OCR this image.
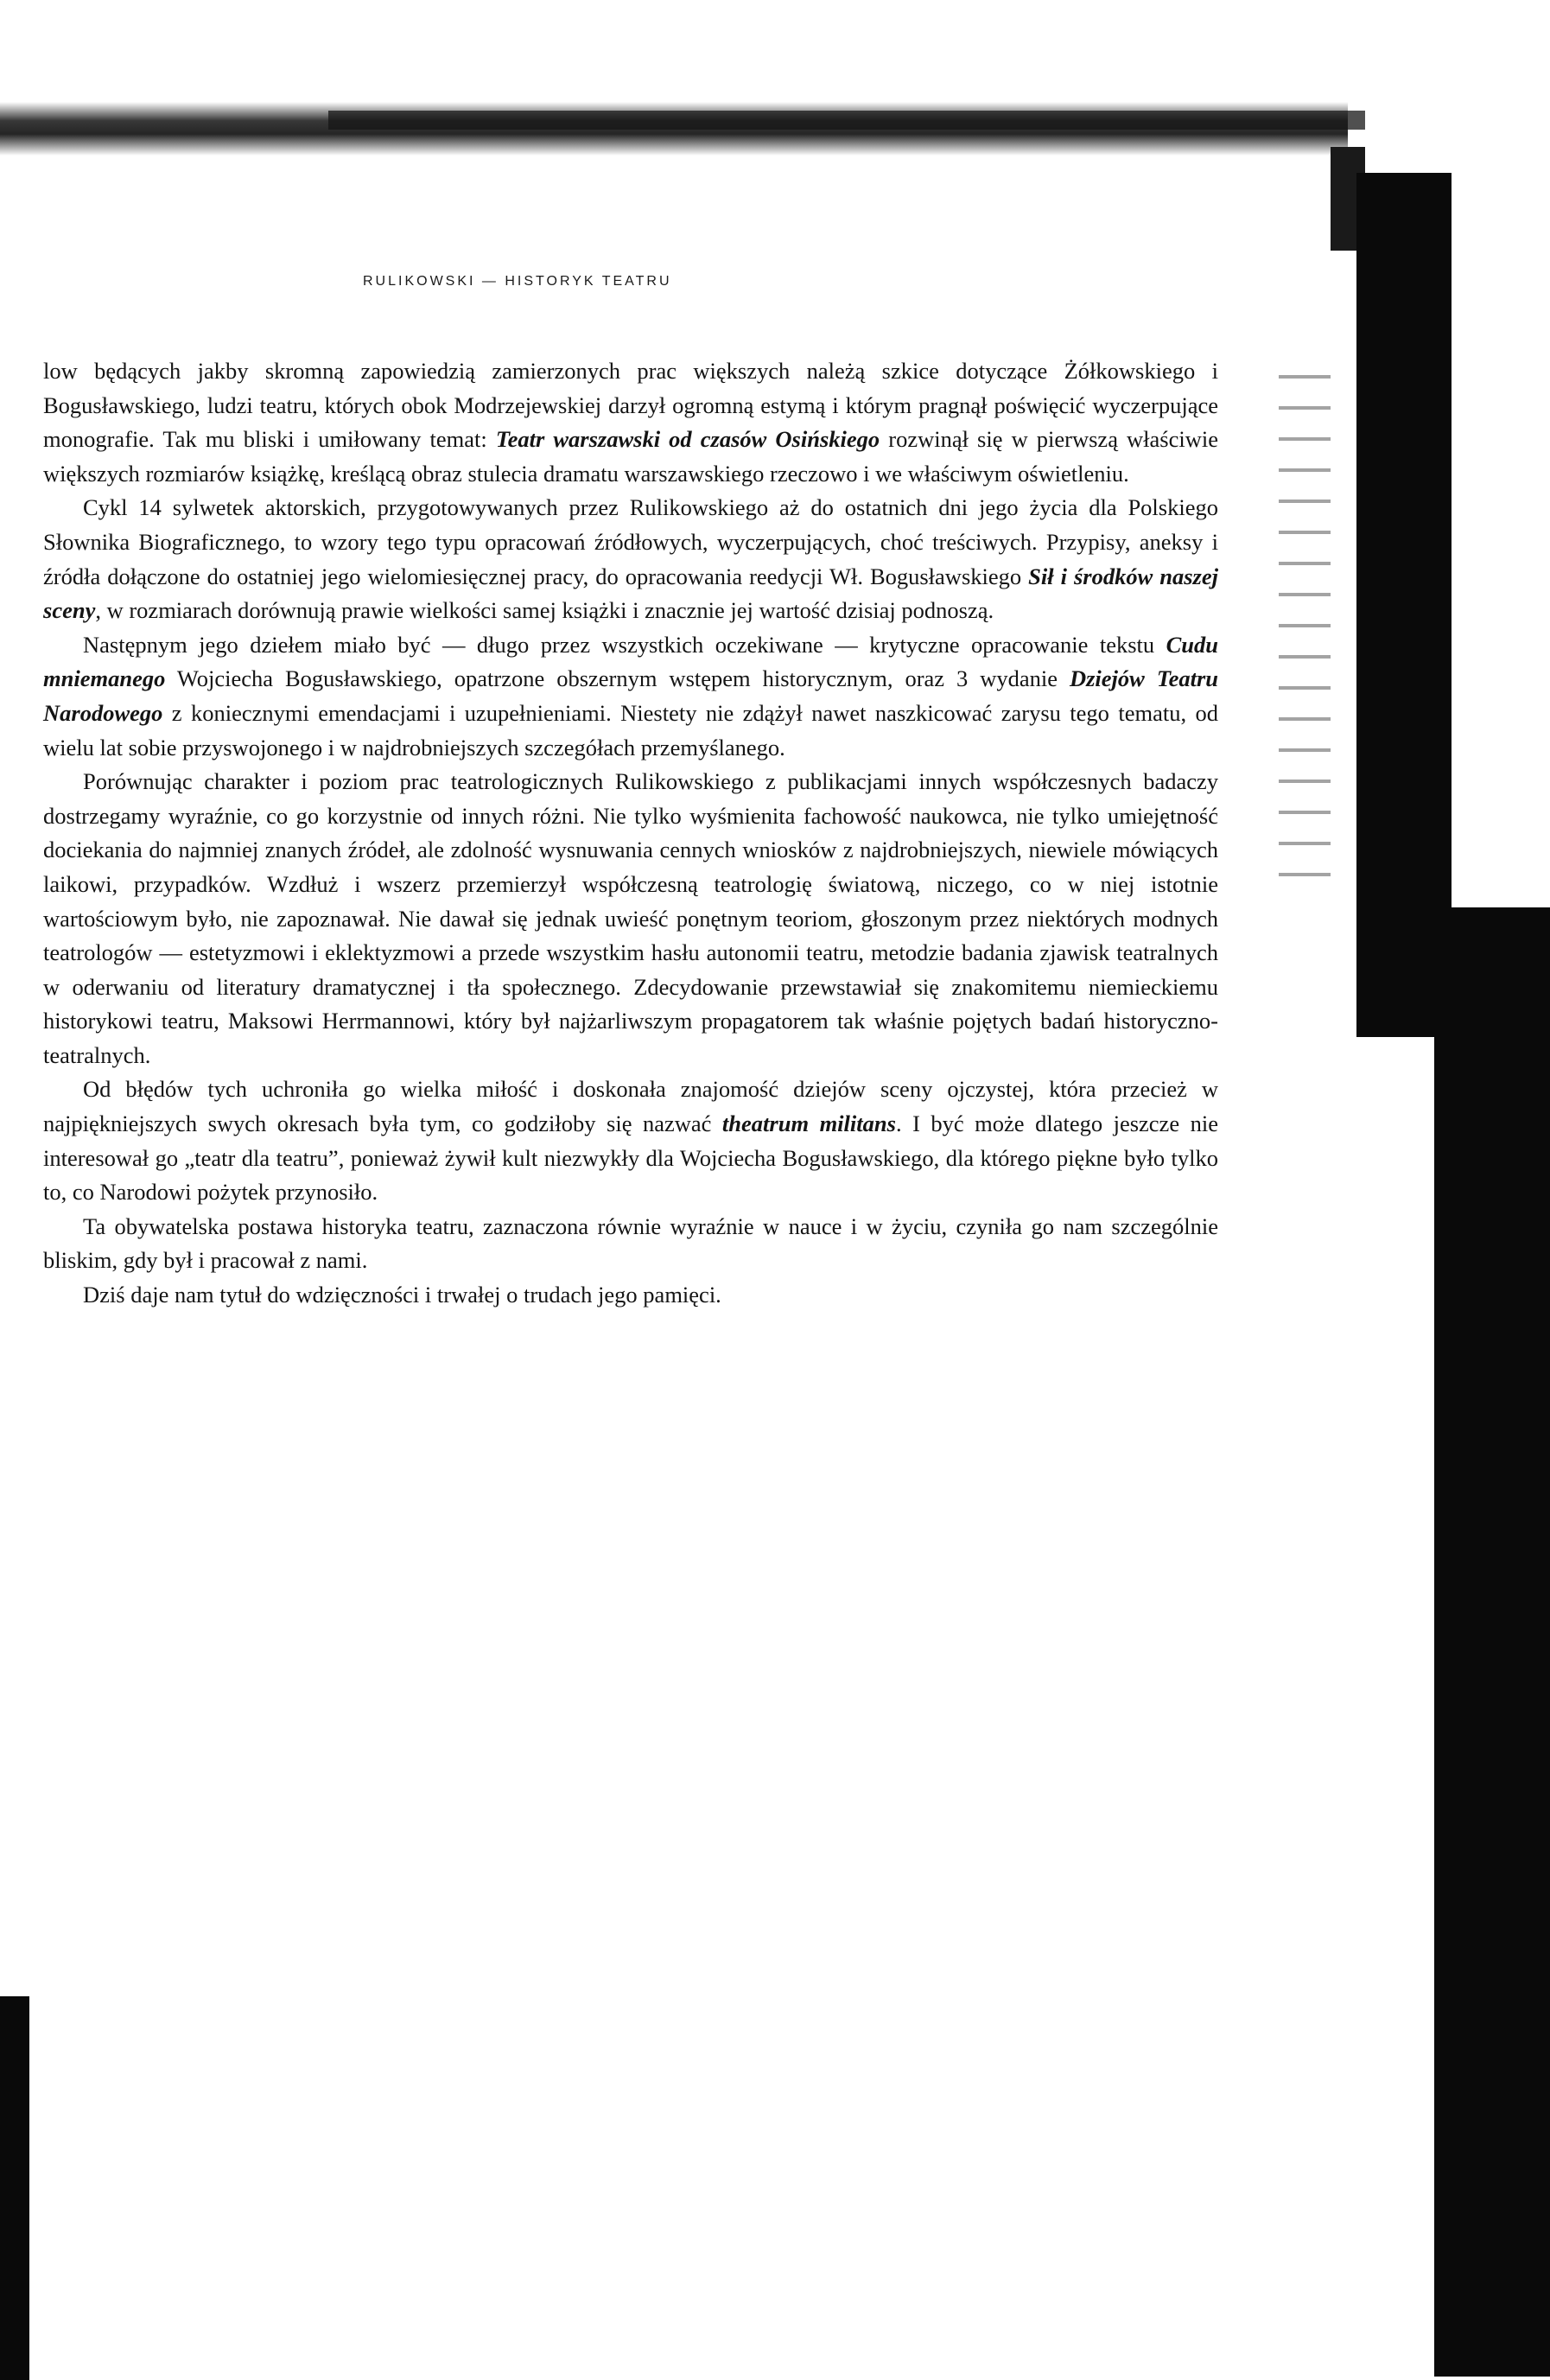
RULIKOWSKI — HISTORYK TEATRU

low będących jakby skromną zapowiedzią zamierzonych prac większych należą szkice dotyczące Żółkowskiego i Bogusławskiego, ludzi teatru, których obok Modrzejewskiej darzył ogromną estymą i którym pragnął poświęcić wyczerpujące monografie. Tak mu bliski i umiłowany temat: Teatr warszawski od czasów Osińskiego rozwinął się w pierwszą właściwie większych rozmiarów książkę, kreślącą obraz stulecia dramatu warszawskiego rzeczowo i we właściwym oświetleniu.

Cykl 14 sylwetek aktorskich, przygotowywanych przez Rulikowskiego aż do ostatnich dni jego życia dla Polskiego Słownika Biograficznego, to wzory tego typu opracowań źródłowych, wyczerpujących, choć treściwych. Przypisy, aneksy i źródła dołączone do ostatniej jego wielomiesięcznej pracy, do opracowania reedycji Wł. Bogusławskiego Sił i środków naszej sceny, w rozmiarach dorównują prawie wielkości samej książki i znacznie jej wartość dzisiaj podnoszą.

Następnym jego dziełem miało być — długo przez wszystkich oczekiwane — krytyczne opracowanie tekstu Cudu mniemanego Wojciecha Bogusławskiego, opatrzone obszernym wstępem historycznym, oraz 3 wydanie Dziejów Teatru Narodowego z koniecznymi emendacjami i uzupełnieniami. Niestety nie zdążył nawet naszkicować zarysu tego tematu, od wielu lat sobie przyswojonego i w najdrobniejszych szczegółach przemyślanego.

Porównując charakter i poziom prac teatrologicznych Rulikowskiego z publikacjami innych współczesnych badaczy dostrzegamy wyraźnie, co go korzystnie od innych różni. Nie tylko wyśmienita fachowość naukowca, nie tylko umiejętność dociekania do najmniej znanych źródeł, ale zdolność wysnuwania cennych wniosków z najdrobniejszych, niewiele mówiących laikowi, przypadków. Wzdłuż i wszerz przemierzył współczesną teatrologię światową, niczego, co w niej istotnie wartościowym było, nie zapoznawał. Nie dawał się jednak uwieść ponętnym teoriom, głoszonym przez niektórych modnych teatrologów — estetyzmowi i eklektyzmowi a przede wszystkim hasłu autonomii teatru, metodzie badania zjawisk teatralnych w oderwaniu od literatury dramatycznej i tła społecznego. Zdecydowanie przewstawiał się znakomitemu niemieckiemu historykowi teatru, Maksowi Herrmannowi, który był najżarliwszym propagatorem tak właśnie pojętych badań historyczno-teatralnych.

Od błędów tych uchroniła go wielka miłość i doskonała znajomość dziejów sceny ojczystej, która przecież w najpiękniejszych swych okresach była tym, co godziłoby się nazwać theatrum militans. I być może dlatego jeszcze nie interesował go „teatr dla teatru”, ponieważ żywił kult niezwykły dla Wojciecha Bogusławskiego, dla którego piękne było tylko to, co Narodowi pożytek przynosiło.

Ta obywatelska postawa historyka teatru, zaznaczona równie wyraźnie w nauce i w życiu, czyniła go nam szczególnie bliskim, gdy był i pracował z nami.

Dziś daje nam tytuł do wdzięczności i trwałej o trudach jego pamięci.
